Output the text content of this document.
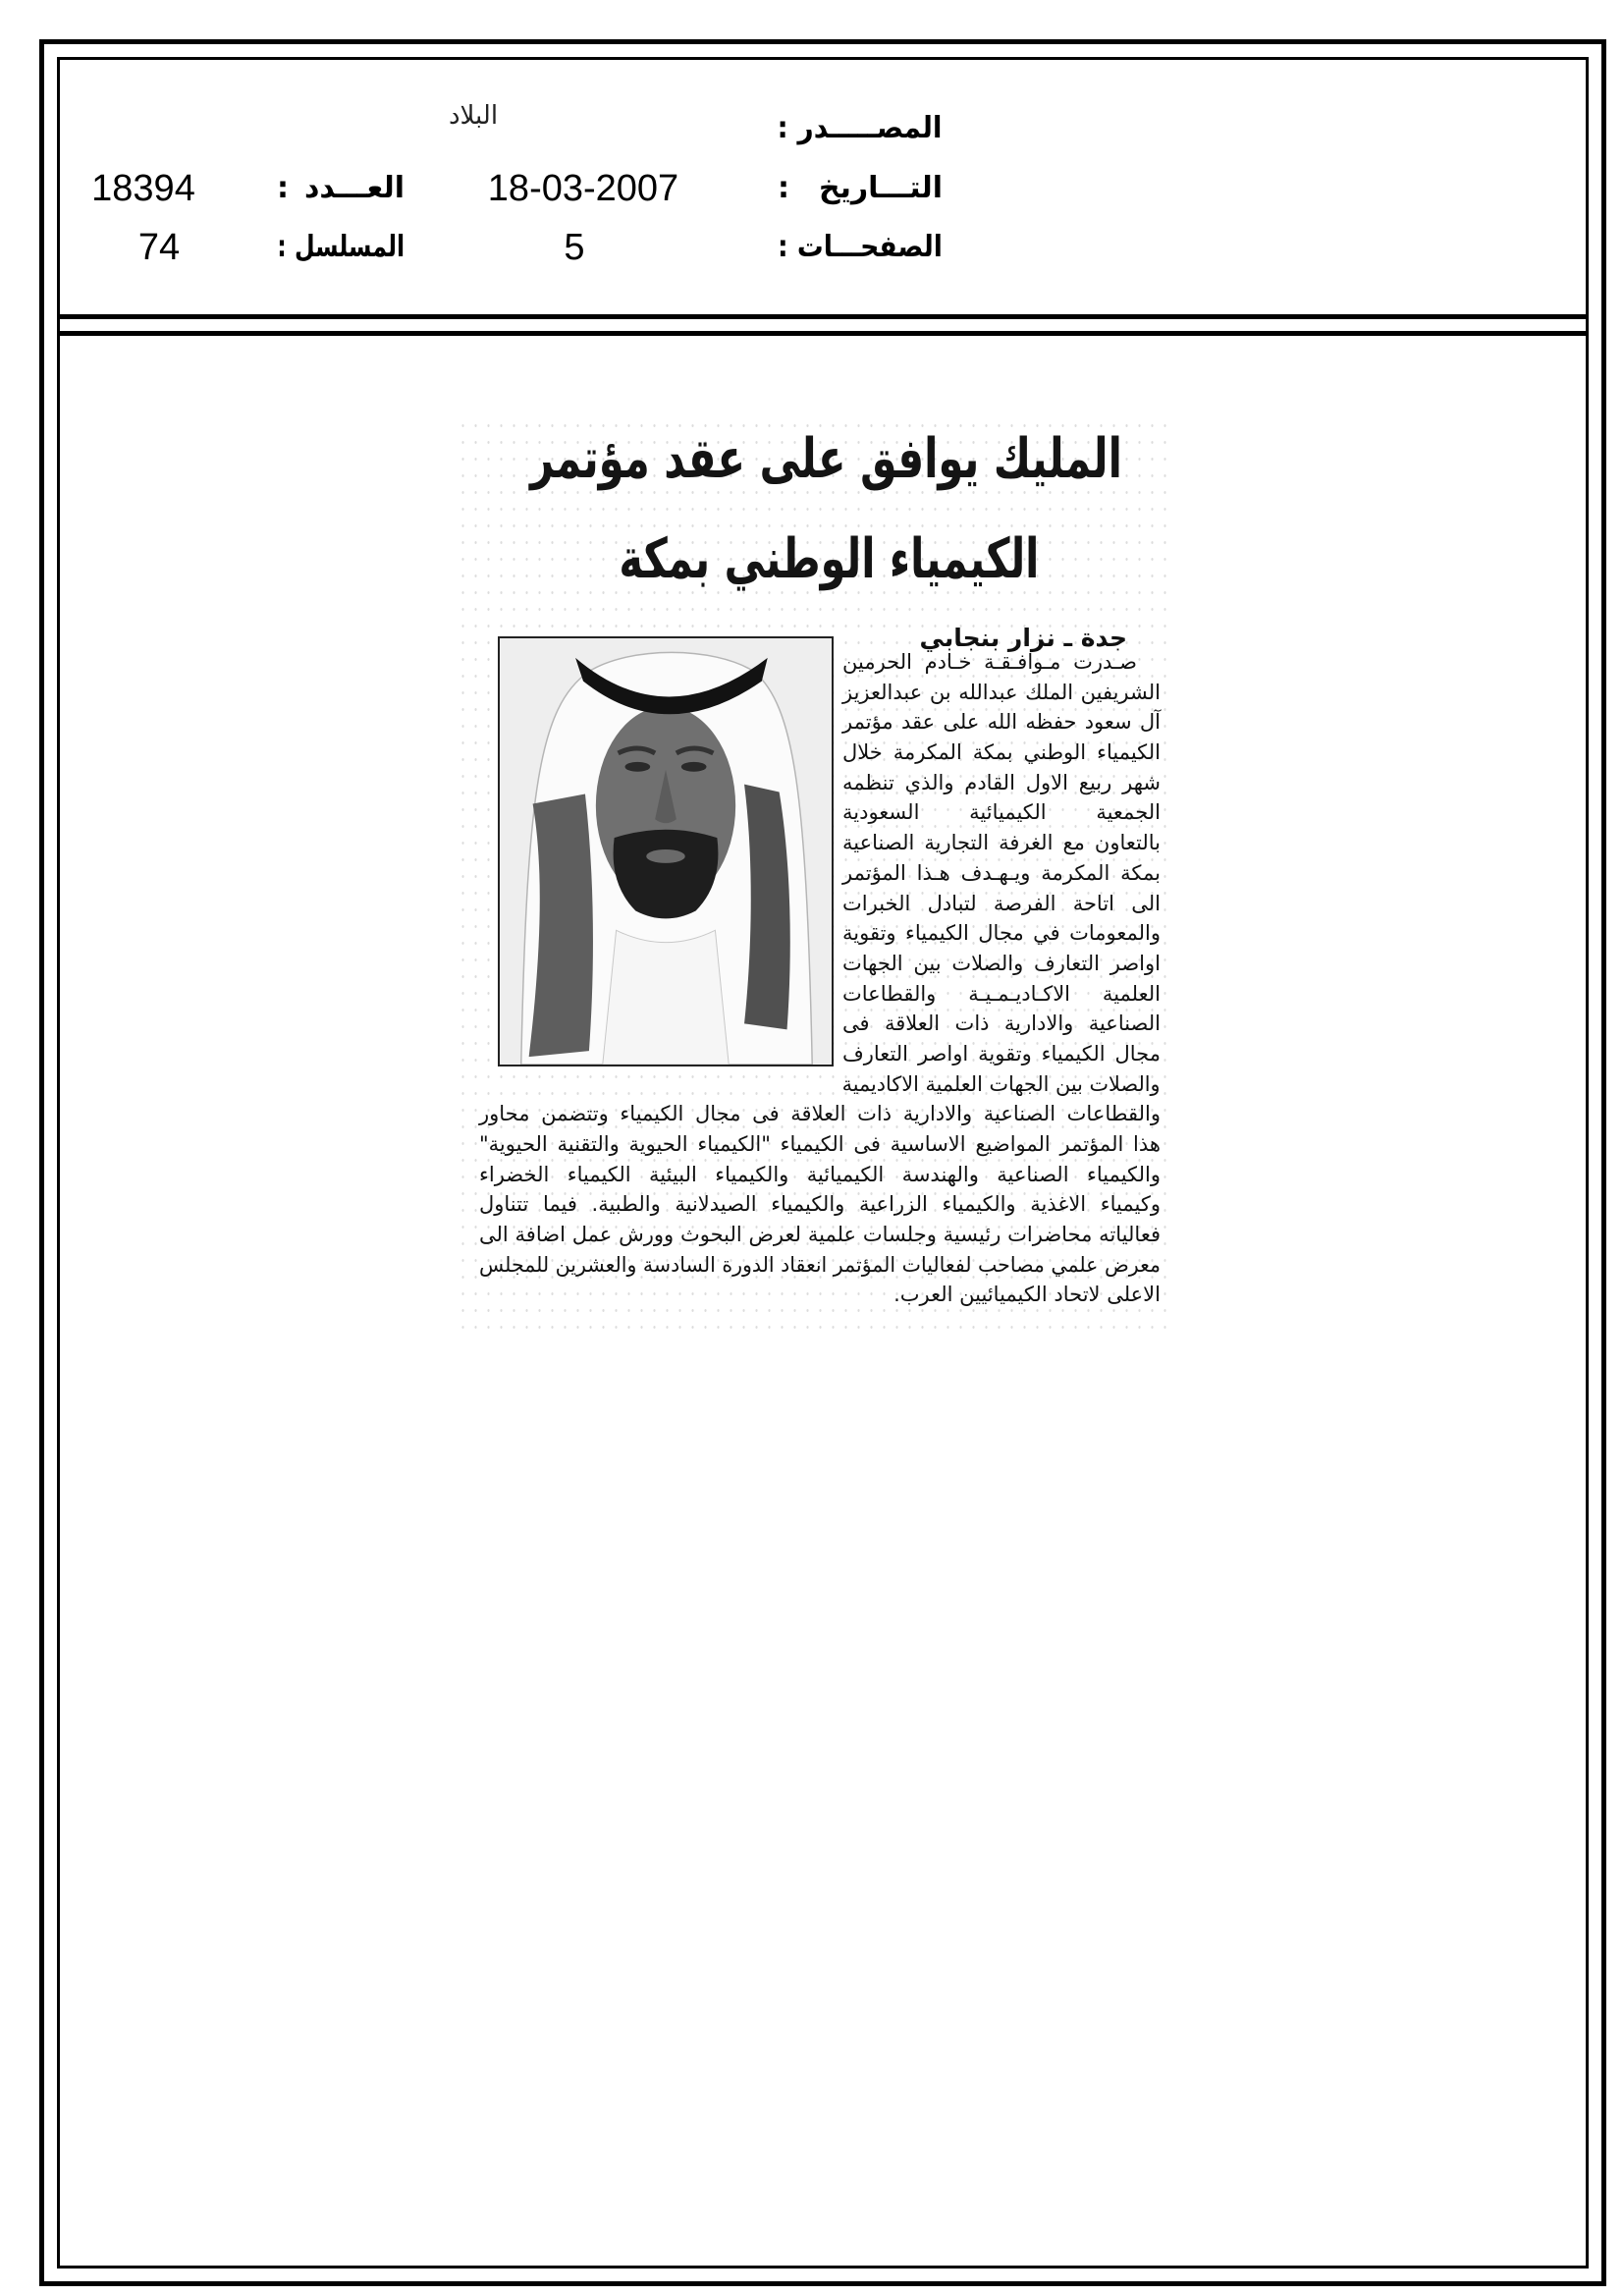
المصـــــدر :
التـــاريخ :
الصفحـــات :
البلاد
18-03-2007
5
العـــدد :
المسلسل :
18394
74
المليك يوافق على عقد مؤتمر
الكيمياء الوطني بمكة
جدة ـ نزار بنجابي
صـدرت مـوافـقـة خـادم الحرمين
الشريفين الملك عبدالله بن عبدالعزيز
آل سعود حفظه الله على عقد مؤتمر
الكيمياء الوطني بمكة المكرمة خلال
شهر ربيع الاول القادم والذي تنظمه
الجمعية الكيميائية السعودية
بالتعاون مع الغرفة التجارية الصناعية
بمكة المكرمة ويـهـدف هـذا المؤتمر
الى اتاحة الفرصة لتبادل الخبرات
والمعومات في مجال الكيمياء وتقوية
اواصر التعارف والصلات بين الجهات
العلمية الاكـاديـمـيـة والقطاعات
الصناعية والادارية ذات العلاقة فى
مجال الكيمياء وتقوية اواصر التعارف
والصلات بين الجهات العلمية الاكاديمية
والقطاعات الصناعية والادارية ذات العلاقة فى مجال الكيمياء وتتضمن محاور
هذا المؤتمر المواضيع الاساسية فى الكيمياء "الكيمياء الحيوية والتقنية الحيوية"
والكيمياء الصناعية والهندسة الكيميائية والكيمياء البيئية الكيمياء الخضراء
وكيمياء الاغذية والكيمياء الزراعية والكيمياء الصيدلانية والطبية. فيما تتناول
فعالياته محاضرات رئيسية وجلسات علمية لعرض البحوث وورش عمل اضافة الى
معرض علمي مصاحب لفعاليات المؤتمر انعقاد الدورة السادسة والعشرين للمجلس
الاعلى لاتحاد الكيميائيين العرب.
